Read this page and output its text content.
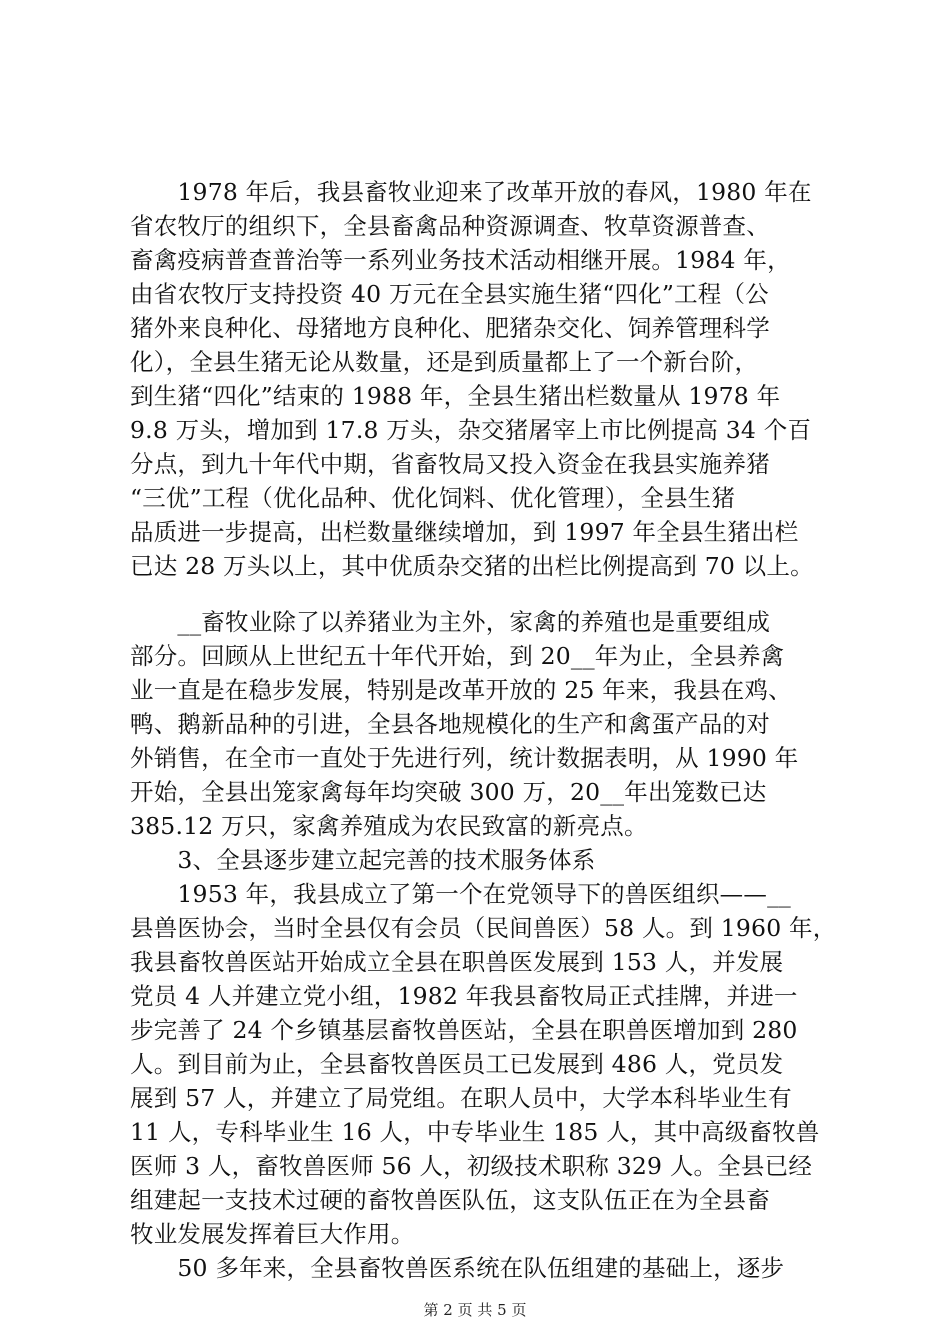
　　1978 年后，我县畜牧业迎来了改革开放的春风，1980 年在
省农牧厅的组织下，全县畜禽品种资源调查、牧草资源普查、
畜禽疫病普查普治等一系列业务技术活动相继开展。1984 年，
由省农牧厅支持投资 40 万元在全县实施生猪“四化”工程（公
猪外来良种化、母猪地方良种化、肥猪杂交化、饲养管理科学
化），全县生猪无论从数量，还是到质量都上了一个新台阶，
到生猪“四化”结束的 1988 年，全县生猪出栏数量从 1978 年
9.8 万头，增加到 17.8 万头，杂交猪屠宰上市比例提高 34 个百
分点，到九十年代中期，省畜牧局又投入资金在我县实施养猪
“三优”工程（优化品种、优化饲料、优化管理），全县生猪
品质进一步提高，出栏数量继续增加，到 1997 年全县生猪出栏
已达 28 万头以上，其中优质杂交猪的出栏比例提高到 70 以上。
　　__畜牧业除了以养猪业为主外，家禽的养殖也是重要组成
部分。回顾从上世纪五十年代开始，到 20__年为止，全县养禽
业一直是在稳步发展，特别是改革开放的 25 年来，我县在鸡、
鸭、鹅新品种的引进，全县各地规模化的生产和禽蛋产品的对
外销售，在全市一直处于先进行列，统计数据表明，从 1990 年
开始，全县出笼家禽每年均突破 300 万，20__年出笼数已达
385.12 万只，家禽养殖成为农民致富的新亮点。
　　3、全县逐步建立起完善的技术服务体系
　　1953 年，我县成立了第一个在党领导下的兽医组织——__
县兽医协会，当时全县仅有会员（民间兽医）58 人。到 1960 年，
我县畜牧兽医站开始成立全县在职兽医发展到 153 人，并发展
党员 4 人并建立党小组，1982 年我县畜牧局正式挂牌，并进一
步完善了 24 个乡镇基层畜牧兽医站，全县在职兽医增加到 280
人。到目前为止，全县畜牧兽医员工已发展到 486 人，党员发
展到 57 人，并建立了局党组。在职人员中，大学本科毕业生有
11 人，专科毕业生 16 人，中专毕业生 185 人，其中高级畜牧兽
医师 3 人，畜牧兽医师 56 人，初级技术职称 329 人。全县已经
组建起一支技术过硬的畜牧兽医队伍，这支队伍正在为全县畜
牧业发展发挥着巨大作用。
　　50 多年来，全县畜牧兽医系统在队伍组建的基础上，逐步
第 2 页 共 5 页
